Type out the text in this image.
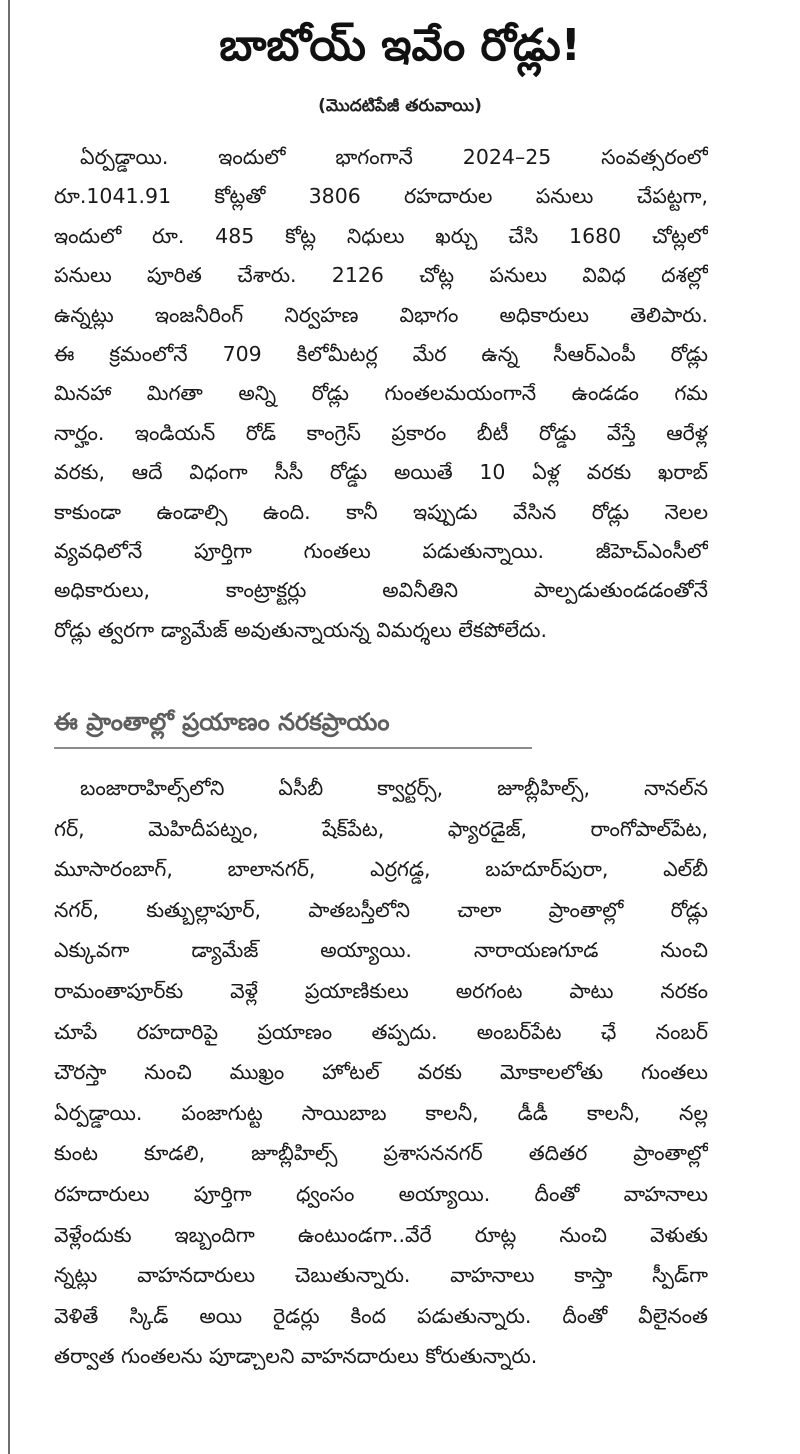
బాబోయ్ ఇవేం రోడ్లు!
(మొదటిపేజీ తరువాయి)
ఏర్పడ్డాయి. ఇందులో భాగంగానే 2024–25 సంవత్సరంలో
రూ.1041.91 కోట్లతో 3806 రహదారుల పనులు చేపట్టగా,
ఇందులో రూ. 485 కోట్ల నిధులు ఖర్చు చేసి 1680 చోట్లలో
పనులు పూరిత చేశారు. 2126 చోట్ల పనులు వివిధ దశల్లో
ఉన్నట్లు ఇంజనీరింగ్ నిర్వహణ విభాగం అధికారులు తెలిపారు.
ఈ క్రమంలోనే 709 కిలోమీటర్ల మేర ఉన్న సీఆర్ఎంపీ రోడ్లు
మినహా మిగతా అన్ని రోడ్లు గుంతలమయంగానే ఉండడం గమ
నార్హం. ఇండియన్ రోడ్ కాంగ్రెస్ ప్రకారం బీటీ రోడ్డు వేస్తే ఆరేళ్ల
వరకు, ఆదే విధంగా సీసీ రోడ్డు అయితే 10 ఏళ్ల వరకు ఖరాబ్
కాకుండా ఉండాల్సి ఉంది. కానీ ఇప్పుడు వేసిన రోడ్లు నెలల
వ్యవధిలోనే పూర్తిగా గుంతలు పడుతున్నాయి. జీహెచ్ఎంసీలో
అధికారులు, కాంట్రాక్టర్లు అవినీతిని పాల్పడుతుండడంతోనే
రోడ్లు త్వరగా డ్యామేజ్ అవుతున్నాయన్న విమర్శలు లేకపోలేదు.
ఈ ప్రాంతాల్లో ప్రయాణం నరకప్రాయం
బంజారాహిల్స్‌లోని ఏసీబీ క్వార్టర్స్, జూబ్లీహిల్స్, నానల్‌న
గర్, మెహిదీపట్నం, షేక్‌పేట, ఫ్యారడైజ్, రాంగోపాల్‌పేట,
మూసారంబాగ్, బాలానగర్, ఎర్రగడ్డ, బహదూర్‌పురా, ఎల్‌బీ
నగర్, కుత్బుల్లాపూర్, పాతబస్తీలోని చాలా ప్రాంతాల్లో రోడ్లు
ఎక్కువగా డ్యామేజ్ అయ్యాయి. నారాయణగూడ నుంచి
రామంతాపూర్‌కు వెళ్లే ప్రయాణికులు అరగంట పాటు నరకం
చూపే రహదారిపై ప్రయాణం తప్పదు. అంబర్‌పేట ఛే నంబర్
చౌరస్తా నుంచి ముఖ్రం హోటల్ వరకు మోకాలలోతు గుంతలు
ఏర్పడ్డాయి. పంజాగుట్ట సాయిబాబ కాలనీ, డీడీ కాలనీ, నల్ల
కుంట కూడలి, జూబ్లీహిల్స్ ప్రశాసననగర్ తదితర ప్రాంతాల్లో
రహదారులు పూర్తిగా ధ్వంసం అయ్యాయి. దీంతో వాహనాలు
వెళ్లేందుకు ఇబ్బందిగా ఉంటుండగా..వేరే రూట్ల నుంచి వెళుతు
న్నట్లు వాహనదారులు చెబుతున్నారు. వాహనాలు కాస్తా స్పీడ్‌గా
వెళితే స్కిడ్ అయి రైడర్లు కింద పడుతున్నారు. దీంతో వీలైనంత
తర్వాత గుంతలను పూడ్చాలని వాహనదారులు కోరుతున్నారు.
